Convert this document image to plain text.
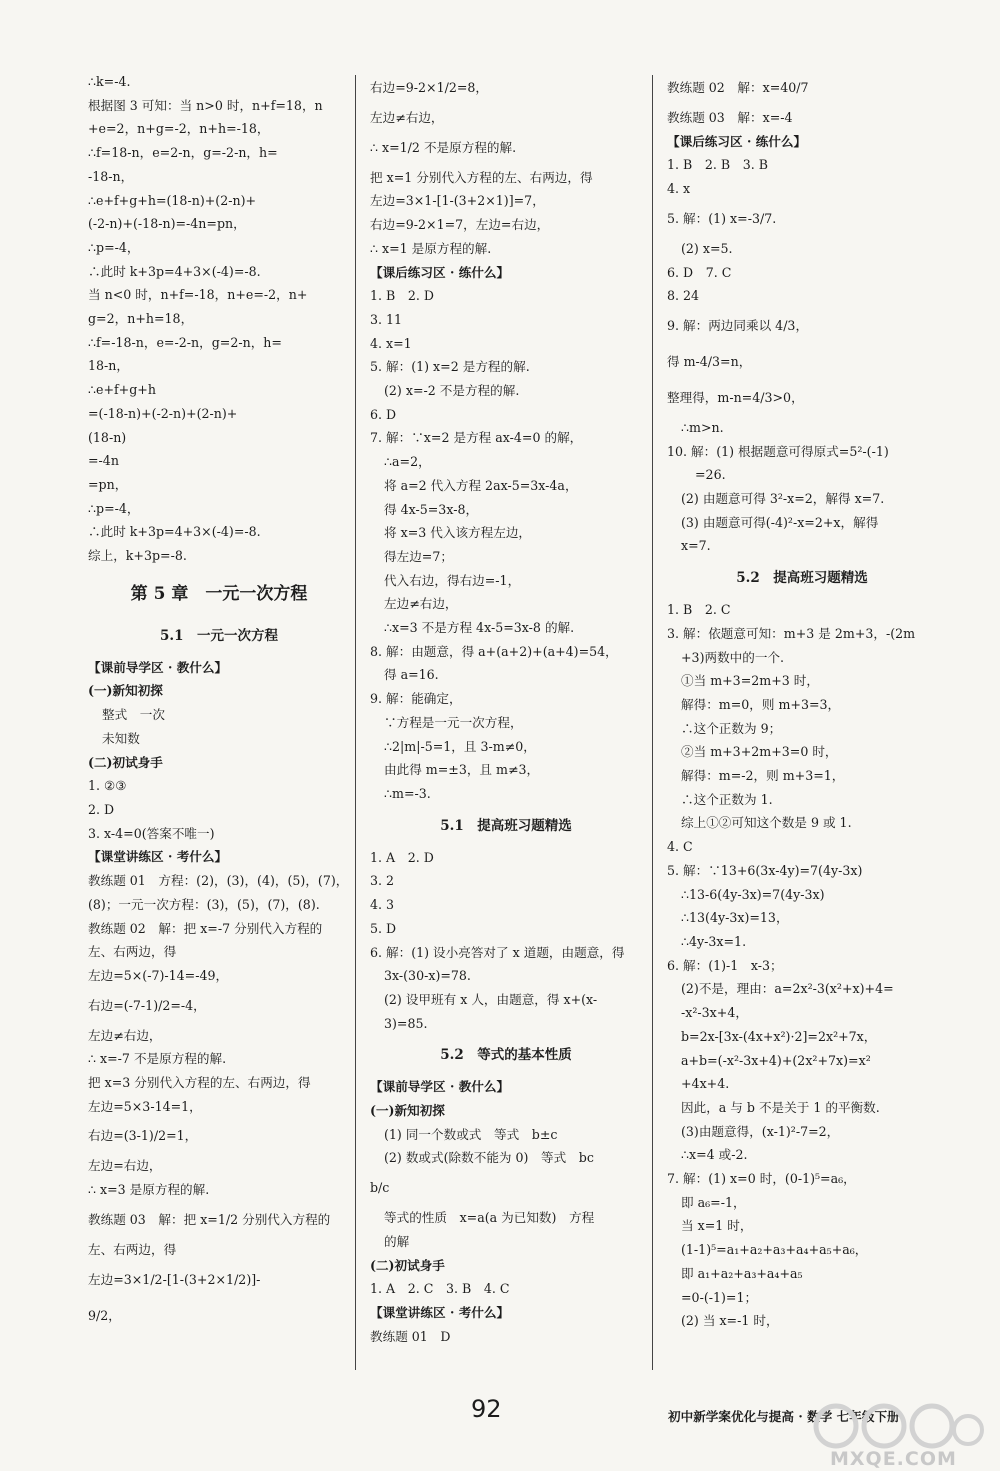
∴k=-4.
根据图 3 可知：当 n>0 时，n+f=18，n
+e=2，n+g=-2，n+h=-18，
∴f=18-n，e=2-n，g=-2-n，h=
-18-n，
∴e+f+g+h=(18-n)+(2-n)+
(-2-n)+(-18-n)=-4n=pn，
∴p=-4，
∴此时 k+3p=4+3×(-4)=-8.
当 n<0 时，n+f=-18，n+e=-2，n+
g=2，n+h=18，
∴f=-18-n，e=-2-n，g=2-n，h=
18-n，
∴e+f+g+h
=(-18-n)+(-2-n)+(2-n)+
(18-n)
=-4n
=pn，
∴p=-4，
∴此时 k+3p=4+3×(-4)=-8.
综上，k+3p=-8.
第 5 章　一元一次方程
5.1　一元一次方程
【课前导学区 · 教什么】
(一)新知初探
整式　一次
未知数
(二)初试身手
1. ②③
2. D
3. x-4=0(答案不唯一)
【课堂讲练区 · 考什么】
教练题 01　方程：(2)，(3)，(4)，(5)，(7)，
(8)；一元一次方程：(3)，(5)，(7)，(8).
教练题 02　解：把 x=-7 分别代入方程的
左、右两边，得
左边=5×(-7)-14=-49，
右边=(-7-1)/2=-4，
左边≠右边，
∴ x=-7 不是原方程的解.
把 x=3 分别代入方程的左、右两边，得
左边=5×3-14=1，
右边=(3-1)/2=1，
左边=右边，
∴ x=3 是原方程的解.
教练题 03　解：把 x=1/2 分别代入方程的
左、右两边，得
左边=3×1/2-[1-(3+2×1/2)]-
9/2，
右边=9-2×1/2=8，
左边≠右边，
∴ x=1/2 不是原方程的解.
把 x=1 分别代入方程的左、右两边，得
左边=3×1-[1-(3+2×1)]=7，
右边=9-2×1=7，左边=右边，
∴ x=1 是原方程的解.
【课后练习区 · 练什么】
1. B　2. D
3. 11
4. x=1
5. 解：(1) x=2 是方程的解.
(2) x=-2 不是方程的解.
6. D
7. 解：∵x=2 是方程 ax-4=0 的解，
∴a=2，
将 a=2 代入方程 2ax-5=3x-4a，
得 4x-5=3x-8，
将 x=3 代入该方程左边，
得左边=7；
代入右边，得右边=-1，
左边≠右边，
∴x=3 不是方程 4x-5=3x-8 的解.
8. 解：由题意，得 a+(a+2)+(a+4)=54，
得 a=16.
9. 解：能确定，
∵方程是一元一次方程，
∴2|m|-5=1，且 3-m≠0，
由此得 m=±3，且 m≠3，
∴m=-3.
5.1　提高班习题精选
1. A　2. D
3. 2
4. 3
5. D
6. 解：(1) 设小亮答对了 x 道题，由题意，得
3x-(30-x)=78.
(2) 设甲班有 x 人，由题意，得 x+(x-
3)=85.
5.2　等式的基本性质
【课前导学区 · 教什么】
(一)新知初探
(1) 同一个数或式　等式　b±c
(2) 数或式(除数不能为 0)　等式　bc
b/c
等式的性质　x=a(a 为已知数)　方程
的解
(二)初试身手
1. A　2. C　3. B　4. C
【课堂讲练区 · 考什么】
教练题 01　D
教练题 02　解：x=40/7
教练题 03　解：x=-4
【课后练习区 · 练什么】
1. B　2. B　3. B
4. x
5. 解：(1) x=-3/7.
(2) x=5.
6. D　7. C
8. 24
9. 解：两边同乘以 4/3，
得 m-4/3=n，
整理得，m-n=4/3>0，
∴m>n.
10. 解：(1) 根据题意可得原式=5²-(-1)
=26.
(2) 由题意可得 3²-x=2，解得 x=7.
(3) 由题意可得(-4)²-x=2+x，解得
x=7.
5.2　提高班习题精选
1. B　2. C
3. 解：依题意可知：m+3 是 2m+3，-(2m
+3)两数中的一个.
①当 m+3=2m+3 时，
解得：m=0，则 m+3=3，
∴这个正数为 9；
②当 m+3+2m+3=0 时，
解得：m=-2，则 m+3=1，
∴这个正数为 1.
综上①②可知这个数是 9 或 1.
4. C
5. 解：∵13+6(3x-4y)=7(4y-3x)
∴13-6(4y-3x)=7(4y-3x)
∴13(4y-3x)=13，
∴4y-3x=1.
6. 解：(1)-1　x-3；
(2)不是，理由：a=2x²-3(x²+x)+4=
-x²-3x+4，
b=2x-[3x-(4x+x²)·2]=2x²+7x，
a+b=(-x²-3x+4)+(2x²+7x)=x²
+4x+4.
因此，a 与 b 不是关于 1 的平衡数.
(3)由题意得，(x-1)²-7=2，
∴x=4 或-2.
7. 解：(1) x=0 时，(0-1)⁵=a₆，
即 a₆=-1，
当 x=1 时，
(1-1)⁵=a₁+a₂+a₃+a₄+a₅+a₆，
即 a₁+a₂+a₃+a₄+a₅
=0-(-1)=1；
(2) 当 x=-1 时，
92	初中新学案优化与提高 · 数学 七年级下册
MXQE.COM
